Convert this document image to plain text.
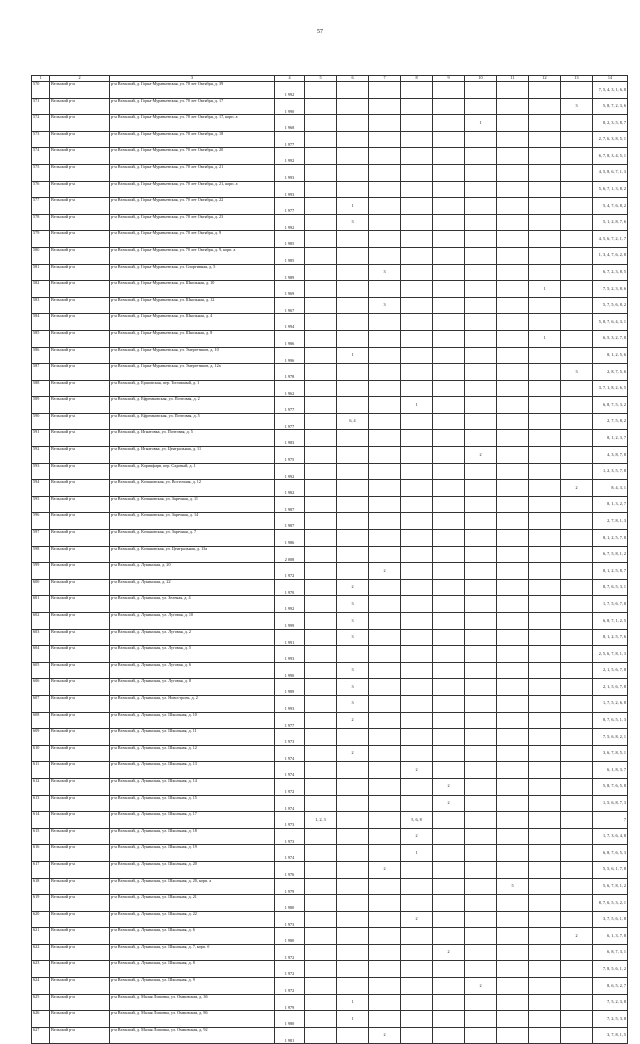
57
1	2	3	4	5	6	7	8	9	10	11	12	13	14
570	Вельский р-н	р-н Вельский, д. Горка-Муравьевская, ул. 70 лет Октября, д. 39	1 992										7, 5, 4, 3, 1, 6, 8
571	Вельский р-н	р-н Вельский, д. Горка-Муравьевская, ул. 70 лет Октября, д. 17	1 990									3	5, 8, 7, 2, 3, 6
572	Вельский р-н	р-н Вельский, д. Горка-Муравьевская, ул. 70 лет Октября, д. 17, корп. а	1 968						1				8, 2, 3, 5, 8, 7
573	Вельский р-н	р-н Вельский, д. Горка-Муравьевская, ул. 70 лет Октября, д. 18	1 977										2, 7, 6, 3, 8, 5, 1
574	Вельский р-н	р-н Вельский, д. Горка-Муравьевская, ул. 70 лет Октября, д. 20	1 992										6, 7, 8, 3, 4, 5, 1
575	Вельский р-н	р-н Вельский, д. Горка-Муравьевская, ул. 70 лет Октября, д. 21	1 993										4, 5, 8, 6, 7, 1, 3
576	Вельский р-н	р-н Вельский, д. Горка-Муравьевская, ул. 70 лет Октября, д. 21, корп. а	1 993										5, 6, 7, 1, 3, 8, 2
577	Вельский р-н	р-н Вельский, д. Горка-Муравьевская, ул. 70 лет Октября, д. 22	1 977		1								5, 4, 7, 6, 8, 2
578	Вельский р-н	р-н Вельский, д. Горка-Муравьевская, ул. 70 лет Октября, д. 23	1 992		3								5, 1, 2, 8, 7, 6
579	Вельский р-н	р-н Вельский, д. Горка-Муравьевская, ул. 70 лет Октября, д. 9	1 985										4, 5, 6, 7, 2, 1, 7
580	Вельский р-н	р-н Вельский, д. Горка-Муравьевская, ул. 70 лет Октября, д. 9, корп. а	1 985										1, 3, 4, 7, 6, 2, 8
581	Вельский р-н	р-н Вельский, д. Горка-Муравьевская, ул. Спортивная, д. 5	1 989			3							6, 7, 2, 3, 8, 5
582	Вельский р-н	р-н Вельский, д. Горка-Муравьевская, ул. Школьная, д. 10	1 969								1		7, 5, 2, 3, 8, 6
583	Вельский р-н	р-н Вельский, д. Горка-Муравьевская, ул. Школьная, д. 12	1 967			3							5, 7, 5, 6, 8, 2
584	Вельский р-н	р-н Вельский, д. Горка-Муравьевская, ул. Школьная, д. 4	1 994										5, 8, 7, 6, 4, 3, 1
585	Вельский р-н	р-н Вельский, д. Горка-Муравьевская, ул. Школьная, д. 8	1 986								1		6, 5, 3, 2, 7, 8
586	Вельский р-н	р-н Вельский, д. Горка-Муравьевская, ул. Энергетиков, д. 10	1 996		1								8, 1, 2, 5, 6
587	Вельский р-н	р-н Вельский, д. Горка-Муравьевская, ул. Энергетиков, д. 12а	1 978									3	2, 8, 7, 5, 6
588	Вельский р-н	р-н Вельский, д. Ершовская, пер. Топчачный, д. 1	1 962										3, 7, 1, 8, 2, 6, 5
589	Вельский р-н	р-н Вельский, д. Ефремковская, ул. Почтовая, д. 2	1 977				1						6, 8, 7, 5, 3, 2
590	Вельский р-н	р-н Вельский, д. Ефремковская, ул. Почтовая, д. 5	1 977		6, 4								2, 7, 5, 8, 2
591	Вельский р-н	р-н Вельский, д. Игнатовка, ул. Почтовая, д. 5	1 983										8, 1, 2, 3, 7
592	Вельский р-н	р-н Вельский, д. Игнатовка, ул. Центральная, д. 11	1 975						2				4, 3, 8, 7, 8
593	Вельский р-н	р-н Вельский, д. Корпифарв, пер. Садовый, д. 1	1 992										1, 2, 3, 5, 7, 8
594	Вельский р-н	р-н Вельский, д. Кочановская, ул. Восточная, д. 12	1 982									2	8, 4, 3, 1
595	Вельский р-н	р-н Вельский, д. Кочановская, ул. Заречная, д. 11	1 987										8, 1, 3, 2, 7
596	Вельский р-н	р-н Вельский, д. Кочановская, ул. Заречная, д. 14	1 987										2, 7, 8, 1, 3
597	Вельский р-н	р-н Вельский, д. Кочановская, ул. Заречная, д. 7	1 986										8, 1, 2, 5, 7, 8
598	Вельский р-н	р-н Вельский, д. Кочановская, ул. Центральная, д. 13а	2 008										6, 7, 5, 8, 1, 2
599	Вельский р-н	р-н Вельский, д. Лукинская, д. 20	1 972			2							8, 1, 2, 5, 8, 7
600	Вельский р-н	р-н Вельский, д. Лукинская, д. 22	1 970		2								8, 7, 6, 5, 3, 1
601	Вельский р-н	р-н Вельский, д. Лукинская, ул. Зеленая, д. 4	1 992		3								1, 7, 5, 6, 7, 8
602	Вельский р-н	р-н Вельский, д. Лукинская, ул. Луговая, д. 10	1 999		3								6, 8, 7, 1, 2, 5
603	Вельский р-н	р-н Вельский, д. Лукинская, ул. Луговая, д. 2	1 991		3								8, 1, 2, 5, 7, 6
604	Вельский р-н	р-н Вельский, д. Лукинская, ул. Луговая, д. 5	1 993										2, 5, 6, 7, 8, 1, 3
605	Вельский р-н	р-н Вельский, д. Лукинская, ул. Луговая, д. 6	1 990		3								2, 1, 5, 6, 7, 8
606	Вельский р-н	р-н Вельский, д. Лукинская, ул. Луговая, д. 8	1 989		3								2, 1, 5, 6, 7, 8
607	Вельский р-н	р-н Вельский, д. Лукинская, ул. Новостроек, д. 2	1 993		3								1, 7, 5, 2, 6, 8
608	Вельский р-н	р-н Вельский, д. Лукинская, ул. Школьная, д. 10	1 977		2								8, 7, 6, 5, 1, 3
609	Вельский р-н	р-н Вельский, д. Лукинская, ул. Школьная, д. 11	1 973										7, 5, 6, 8, 2, 1
610	Вельский р-н	р-н Вельский, д. Лукинская, ул. Школьная, д. 12	1 974		2								3, 6, 7, 8, 5, 1
611	Вельский р-н	р-н Вельский, д. Лукинская, ул. Школьная, д. 13	1 974				2						6, 1, 8, 3, 7
612	Вельский р-н	р-н Вельский, д. Лукинская, ул. Школьная, д. 14	1 972					2					5, 8, 7, 6, 5, 8
613	Вельский р-н	р-н Вельский, д. Лукинская, ул. Школьная, д. 15	1 974					2					1, 5, 6, 8, 7, 3
614	Вельский р-н	р-н Вельский, д. Лукинская, ул. Школьная, д. 17	1 973	1, 2, 3			5, 6, 8						7
615	Вельский р-н	р-н Вельский, д. Лукинская, ул. Школьная, д. 18	1 973				2						1, 7, 3, 6, 4, 8
616	Вельский р-н	р-н Вельский, д. Лукинская, ул. Школьная, д. 19	1 974				1						6, 8, 7, 6, 5, 3
617	Вельский р-н	р-н Вельский, д. Лукинская, ул. Школьная, д. 20	1 976			2							5, 5, 6, 1, 7, 8
618	Вельский р-н	р-н Вельский, д. Лукинская, ул. Школьная, д. 20, корп. а	1 979							5			5, 6, 7, 8, 1, 2
619	Вельский р-н	р-н Вельский, д. Лукинская, ул. Школьная, д. 21	1 980										8, 7, 6, 5, 3, 2, 1
620	Вельский р-н	р-н Вельский, д. Лукинская, ул. Школьная, д. 22	1 973				2						3, 7, 5, 6, 1, 8
621	Вельский р-н	р-н Вельский, д. Лукинская, ул. Школьная, д. 6	1 980									2	6, 1, 3, 7, 8
622	Вельский р-н	р-н Вельский, д. Лукинская, ул. Школьная, д. 7, корп. б	1 972					2					6, 8, 7, 3, 1
623	Вельский р-н	р-н Вельский, д. Лукинская, ул. Школьная, д. 8	1 972										7, 8, 5, 6, 1, 2
624	Вельский р-н	р-н Вельский, д. Лукинская, ул. Школьная, д. 9	1 972						2				8, 6, 5, 2, 7
625	Вельский р-н	р-н Вельский, д. Малая Липовка, ул. Оммовская, д. 36	1 979		1								7, 5, 2, 3, 8
626	Вельский р-н	р-н Вельский, д. Малая Липовка, ул. Оммовская, д. 86	1 980		1								7, 2, 5, 3, 8
627	Вельский р-н	р-н Вельский, д. Малая Липовка, ул. Оммовская, д. 92	1 981			2							3, 7, 8, 1, 5
